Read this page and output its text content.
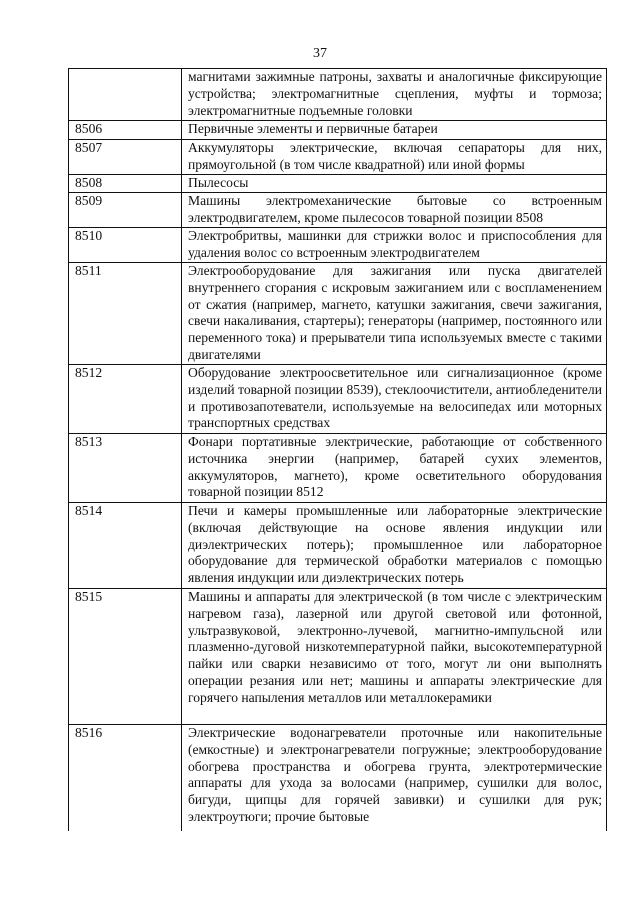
37
	магнитами зажимные патроны, захваты и аналогичные фиксирующие устройства; электромагнитные сцепления, муфты и тормоза; электромагнитные подъемные головки
8506	Первичные элементы и первичные батареи
8507	Аккумуляторы электрические, включая сепараторы для них, прямоугольной (в том числе квадратной) или иной формы
8508	Пылесосы
8509	Машины электромеханические бытовые со встроенным электродвигателем, кроме пылесосов товарной позиции 8508
8510	Электробритвы, машинки для стрижки волос и приспособления для удаления волос со встроенным электродвигателем
8511	Электрооборудование для зажигания или пуска двигателей внутреннего сгорания с искровым зажиганием или с воспламенением от сжатия (например, магнето, катушки зажигания, свечи зажигания, свечи накаливания, стартеры); генераторы (например, постоянного или переменного тока) и прерыватели типа используемых вместе с такими двигателями
8512	Оборудование электроосветительное или сигнализационное (кроме изделий товарной позиции 8539), стеклоочистители, антиобледенители и противозапотеватели, используемые на велосипедах или моторных транспортных средствах
8513	Фонари портативные электрические, работающие от собственного источника энергии (например, батарей сухих элементов, аккумуляторов, магнето), кроме осветительного оборудования товарной позиции 8512
8514	Печи и камеры промышленные или лабораторные электрические (включая действующие на основе явления индукции или диэлектрических потерь); промышленное или лабораторное оборудование для термической обработки материалов с помощью явления индукции или диэлектрических потерь
8515	Машины и аппараты для электрической (в том числе с электрическим нагревом газа), лазерной или другой световой или фотонной, ультразвуковой, электронно-лучевой, магнитно-импульсной или плазменно-дуговой низкотемпературной пайки, высокотемпературной пайки или сварки независимо от того, могут ли они выполнять операции резания или нет; машины и аппараты электрические для горячего напыления металлов или металлокерамики
8516	Электрические водонагреватели проточные или накопительные (емкостные) и электронагреватели погружные; электрооборудование обогрева пространства и обогрева грунта, электротермические аппараты для ухода за волосами (например, сушилки для волос, бигуди, щипцы для горячей завивки) и сушилки для рук; электроутюги; прочие бытовые
